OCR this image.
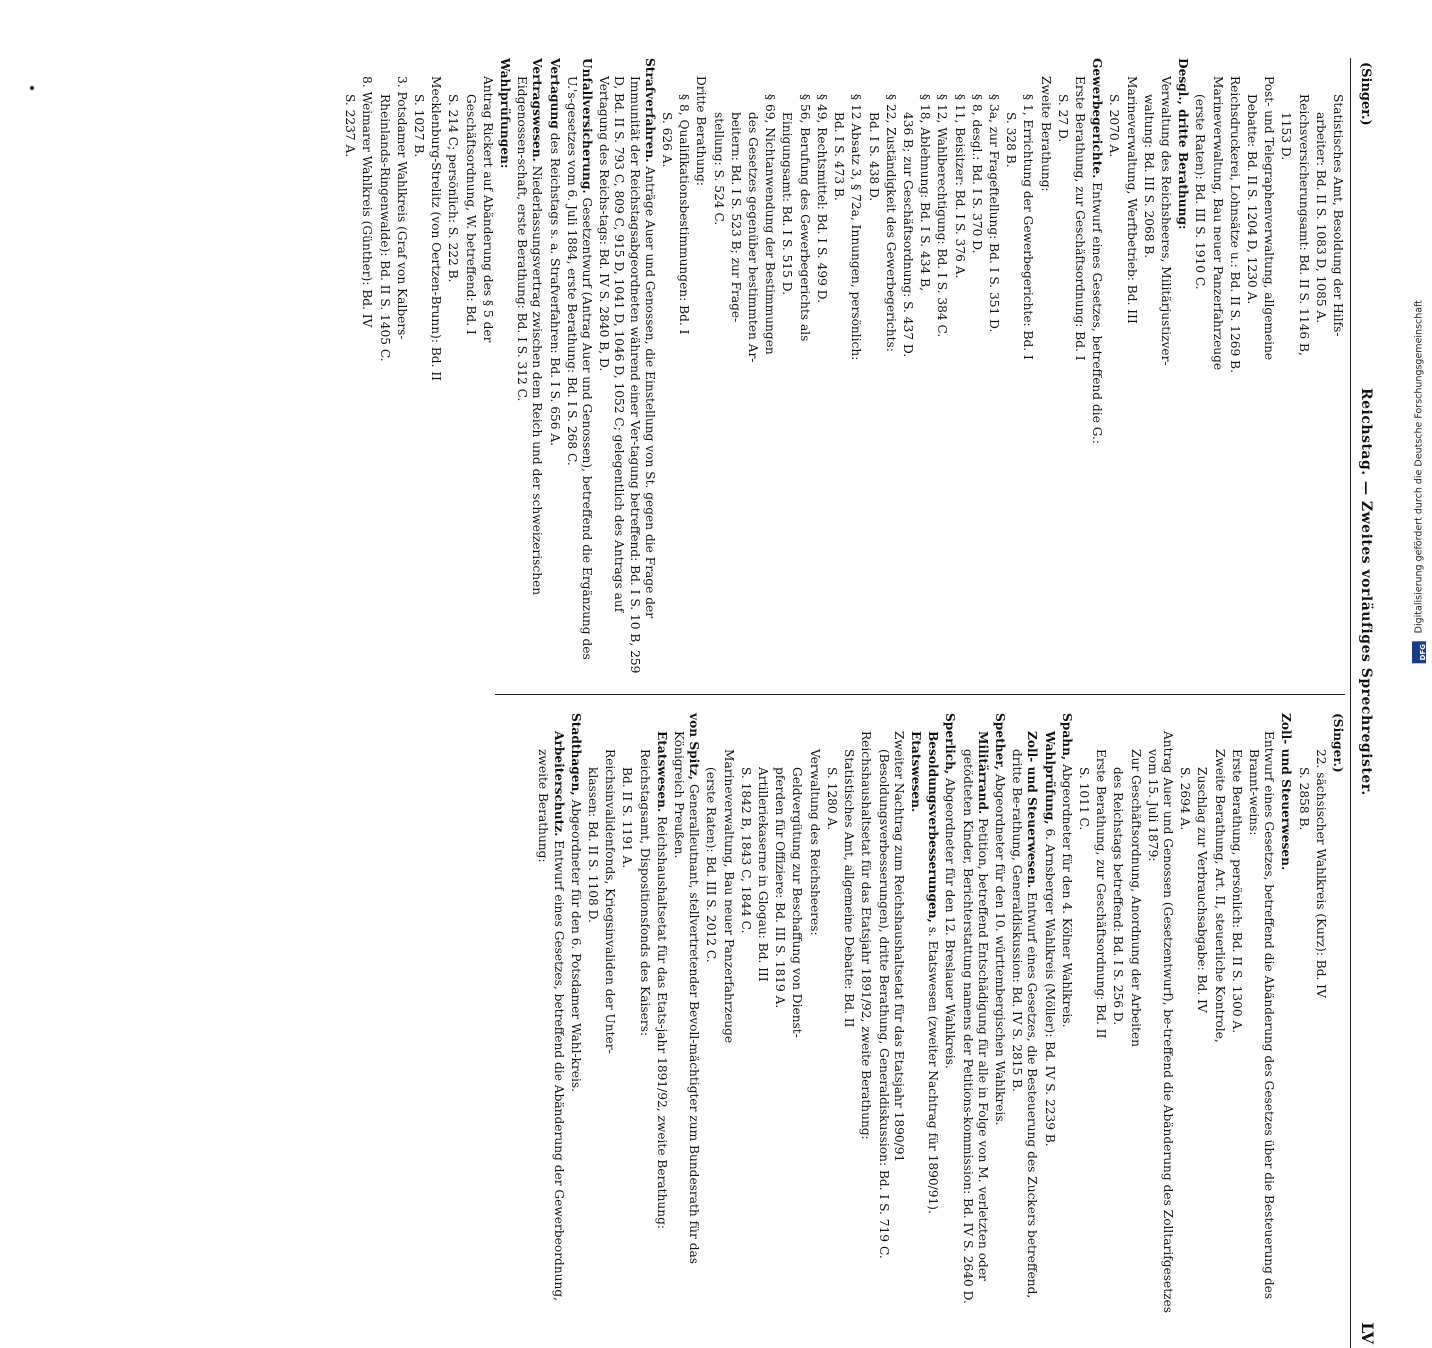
(Singer.)
Reichstag. — Zweites vorläufiges Sprechregister.
LV
Statistisches Amt, Besoldung der Hilfs-
arbeiter: Bd. II S. 1083 D, 1085 A.
Reichsversicherungsamt: Bd. II S. 1146 B,
1153 D.
Post- und Telegraphenverwaltung, allgemeine
Debatte: Bd. II S. 1204 D, 1230 A.
Reichsdruckerei, Lohnsätze u.: Bd. II S. 1269 B.
Marineverwaltung, Bau neuer Panzerfahrzeuge
(erste Raten): Bd. III S. 1910 C.
Desgl., dritte Berathung:
Verwaltung des Reichsheeres, Militärjustizver-
waltung: Bd. III S. 2068 B.
Marineverwaltung, Werftbetrieb: Bd. III
S. 2070 A.
Gewerbegerichte. Entwurf eines Gesetzes, betreffend die G.:
Erste Berathung, zur Geschäftsordnung: Bd. I
S. 27 D.
Zweite Berathung:
§ 1, Errichtung der Gewerbegerichte: Bd. I
S. 328 B.
§ 3a, zur Frageftellung: Bd. I S. 351 D.
§ 8, desgl.: Bd. I S. 370 D.
§ 11, Beisitzer: Bd. I S. 376 A.
§ 12, Wahlberechtigung: Bd. I S. 384 C.
§ 18, Ablehnung: Bd. I S. 434 B,
436 B; zur Geschäftsordnung: S. 437 D.
§ 22, Zuständigkeit des Gewerbegerichts:
Bd. I S. 438 D.
§ 12 Absatz 3, § 72a, Innungen, persönlich:
Bd. I S. 473 B.
§ 49, Rechtsmittel: Bd. I S. 499 D.
§ 56, Berufung des Gewerbegerichts als
Einigungsamt: Bd. I S. 515 D.
§ 69, Nichtanwendung der Bestimmungen
des Gesetzes gegenüber bestimmten Ar-
beitern: Bd. I S. 523 B; zur Frage-
stellung: S. 524 C.
Dritte Berathung:
§ 8, Qualifikationsbestimmungen: Bd. I
S. 626 A.
Strafverfahren. Anträge Auer und Genossen, die Einstellung von St. gegen die Frage der Immunität der Reichstagsabgeordneten während einer Ver-tagung betreffend: Bd. I S. 10 B, 259 D, Bd. II S. 793 C, 809 C, 915 D, 1041 D, 1046 D, 1052 C; gelegentlich des Antrags auf Vertagung des Reichs-tags: Bd. IV S. 2840 B, D.
Unfallversicherung. Gesetzentwurf (Antrag Auer und Genossen), betreffend die Ergänzung des U.'s-gesetzes vom 6. Juli 1884, erste Berathung: Bd. I S. 268 C.
Vertagung des Reichstags s. a. Strafverfahren: Bd. I S. 656 A.
Vertragswesen. Niederlassungsvertrag zwischen dem Reich und der schweizerischen Eidgenossen-schaft, erste Berathung: Bd. I S. 312 C.
Wahlprüfungen:
Antrag Rickert auf Abänderung des § 5 der
Geschäftsordnung, W. betreffend: Bd. I
S. 214 C; persönlich: S. 222 B.
Mecklenburg-Strelitz (von Oertzen-Brunn): Bd. II
S. 1027 B.
3. Potsdamer Wahlkreis (Graf von Kalbers-
Rheinlands-Ringenwalde): Bd. II S. 1405 C.
8. Weimarer Wahlkreis (Günther): Bd. IV
S. 2237 A.
(Singer.)
22. sächsischer Wahlkreis (Kurz): Bd. IV
S. 2858 B.
Zoll- und Steuerwesen.
Entwurf eines Gesetzes, betreffend die Abänderung des Gesetzes über die Besteuerung des Brannt-weins:
Erste Berathung, persönlich: Bd. II S. 1300 A.
Zweite Berathung, Art. II, steuerliche Kontrole,
Zuschlag zur Verbrauchsabgabe: Bd. IV
S. 2694 A.
Antrag Auer und Genossen (Gesetzentwurf), be-treffend die Abänderung des Zolltarifgesetzes vom 15. Juli 1879:
Zur Geschäftsordnung, Anordnung der Arbeiten
des Reichstags betreffend: Bd. I S. 256 D.
Erste Berathung, zur Geschäftsordnung: Bd. II
S. 1011 C.
Spahn, Abgeordneter für den 4. Kölner Wahlkreis.
Wahlprüfung, 6. Arnsberger Wahlkreis (Möller): Bd. IV S. 2239 B.
Zoll- und Steuerwesen. Entwurf eines Gesetzes, die Besteuerung des Zuckers betreffend, dritte Be-rathung, Generaldiskussion: Bd. IV S. 2815 B.
Spether, Abgeordneter für den 10. württembergischen Wahlkreis.
Militärrand. Petition, betreffend Entschädigung für alle in Folge von M. verletzten oder getödteten Kinder, Berichterstattung namens der Petitions-kommission: Bd. IV S. 2640 D.
Sperlich, Abgeordneter für den 12. Breslauer Wahlkreis.
Besoldungsverbesserungen, s. Etatswesen (zweiter Nachtrag für 1890/91).
Etatswesen.
Zweiter Nachtrag zum Reichshaushaltsetat für das Etatsjahr 1890/91 (Besoldungsverbesserungen), dritte Berathung, Generaldiskussion: Bd. I S. 719 C.
Reichshaushaltsetat für das Etatsjahr 1891/92, zweite Berathung:
Statistisches Amt, allgemeine Debatte: Bd. II
S. 1280 A.
Verwaltung des Reichsheeres:
Geldvergütung zur Beschaffung von Dienst-
pferden für Offiziere: Bd. III S. 1819 A.
Artilleriekaserne in Glogau: Bd. III
S. 1842 B, 1843 C, 1844 C.
Marineverwaltung, Bau neuer Panzerfahrzeuge
(erste Raten): Bd. III S. 2012 C.
von Spitz, Generalleutnant, stellvertretender Bevoll-mächtigter zum Bundesrath für das Königreich Preußen.
Etatswesen. Reichshaushaltsetat für das Etats-jahr 1891/92, zweite Berathung:
Reichstagsamt, Dispositionsfonds des Kaisers:
Bd. II S. 1191 A.
Reichsinvalidenfonds, Kriegsinvaliden der Unter-
klassen: Bd. II S. 1108 D.
Stadthagen, Abgeordneter für den 6. Potsdamer Wahl-kreis.
Arbeiterschutz. Entwurf eines Gesetzes, betreffend die Abänderung der Gewerbeordnung, zweite Berathung:
DFG
Digitalisierung gefördert durch die Deutsche Forschungsgemeinschaft
